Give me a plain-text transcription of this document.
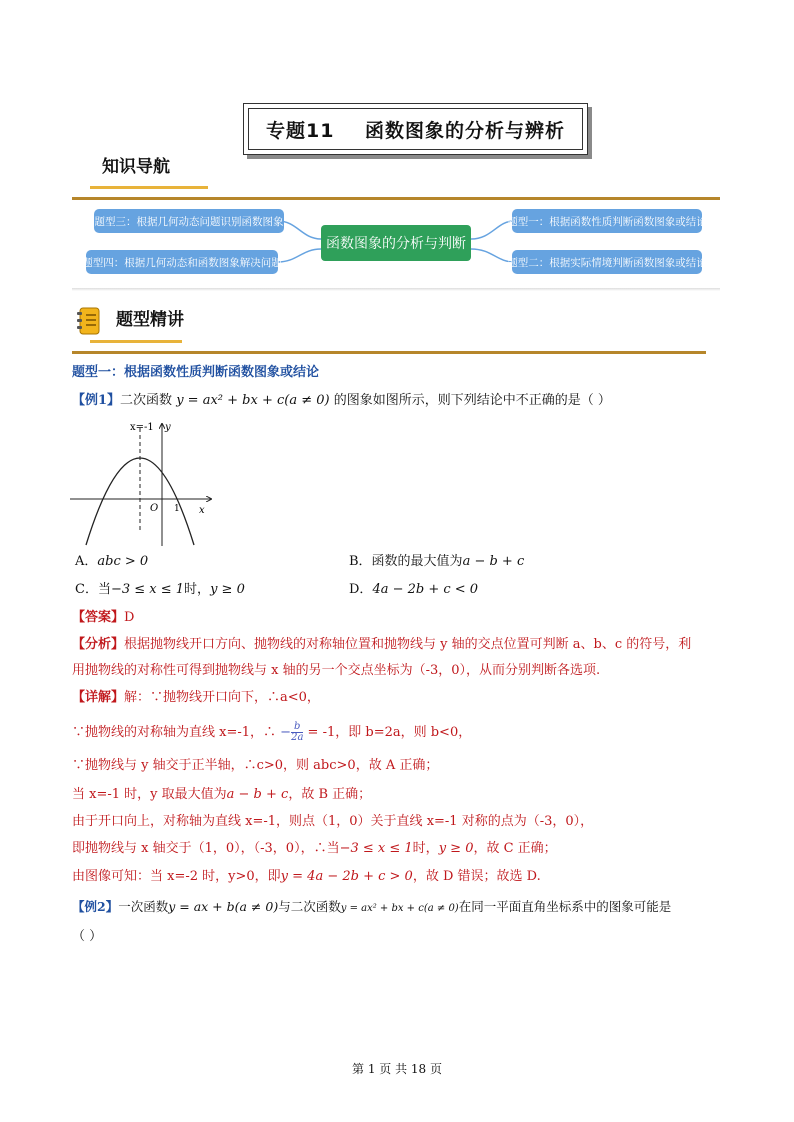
专题11    函数图象的分析与辨析
知识导航
题型三：根据几何动态问题识别函数图象
题型四：根据几何动态和函数图象解决问题
函数图象的分析与判断
题型一：根据函数性质判断函数图象或结论
题型二：根据实际情境判断函数图象或结论
题型精讲
题型一：根据函数性质判断函数图象或结论
【例1】二次函数 y = ax² + bx + c(a ≠ 0) 的图象如图所示，则下列结论中不正确的是（ ）
x=-1 y
x
O 1
A．abc > 0	B．函数的最大值为a − b + c
C．当−3 ≤ x ≤ 1时，y ≥ 0	D．4a − 2b + c < 0
【答案】D
【分析】根据抛物线开口方向、抛物线的对称轴位置和抛物线与 y 轴的交点位置可判断 a、b、c 的符号，利
用抛物线的对称性可得到抛物线与 x 轴的另一个交点坐标为（-3，0），从而分别判断各选项.
【详解】解：∵抛物线开口向下，∴a<0，
∵抛物线的对称轴为直线 x=-1，∴ − $\frac{b}{2a} = -1$，即 b=2a，则 b<0，
∵抛物线与 y 轴交于正半轴，∴c>0，则 abc>0，故 A 正确；
当 x=-1 时，y 取最大值为a − b + c，故 B 正确；
由于开口向上，对称轴为直线 x=-1，则点（1，0）关于直线 x=-1 对称的点为（-3，0），
即抛物线与 x 轴交于（1，0），（-3，0），∴当−3 ≤ x ≤ 1时，y ≥ 0，故 C 正确；
由图像可知：当 x=-2 时，y>0，即y = 4a − 2b + c > 0，故 D 错误；故选 D.
【例2】一次函数y = ax + b(a ≠ 0)与二次函数y = ax² + bx + c(a ≠ 0)在同一平面直角坐标系中的图象可能是
（ ）
第 1 页 共 18 页
